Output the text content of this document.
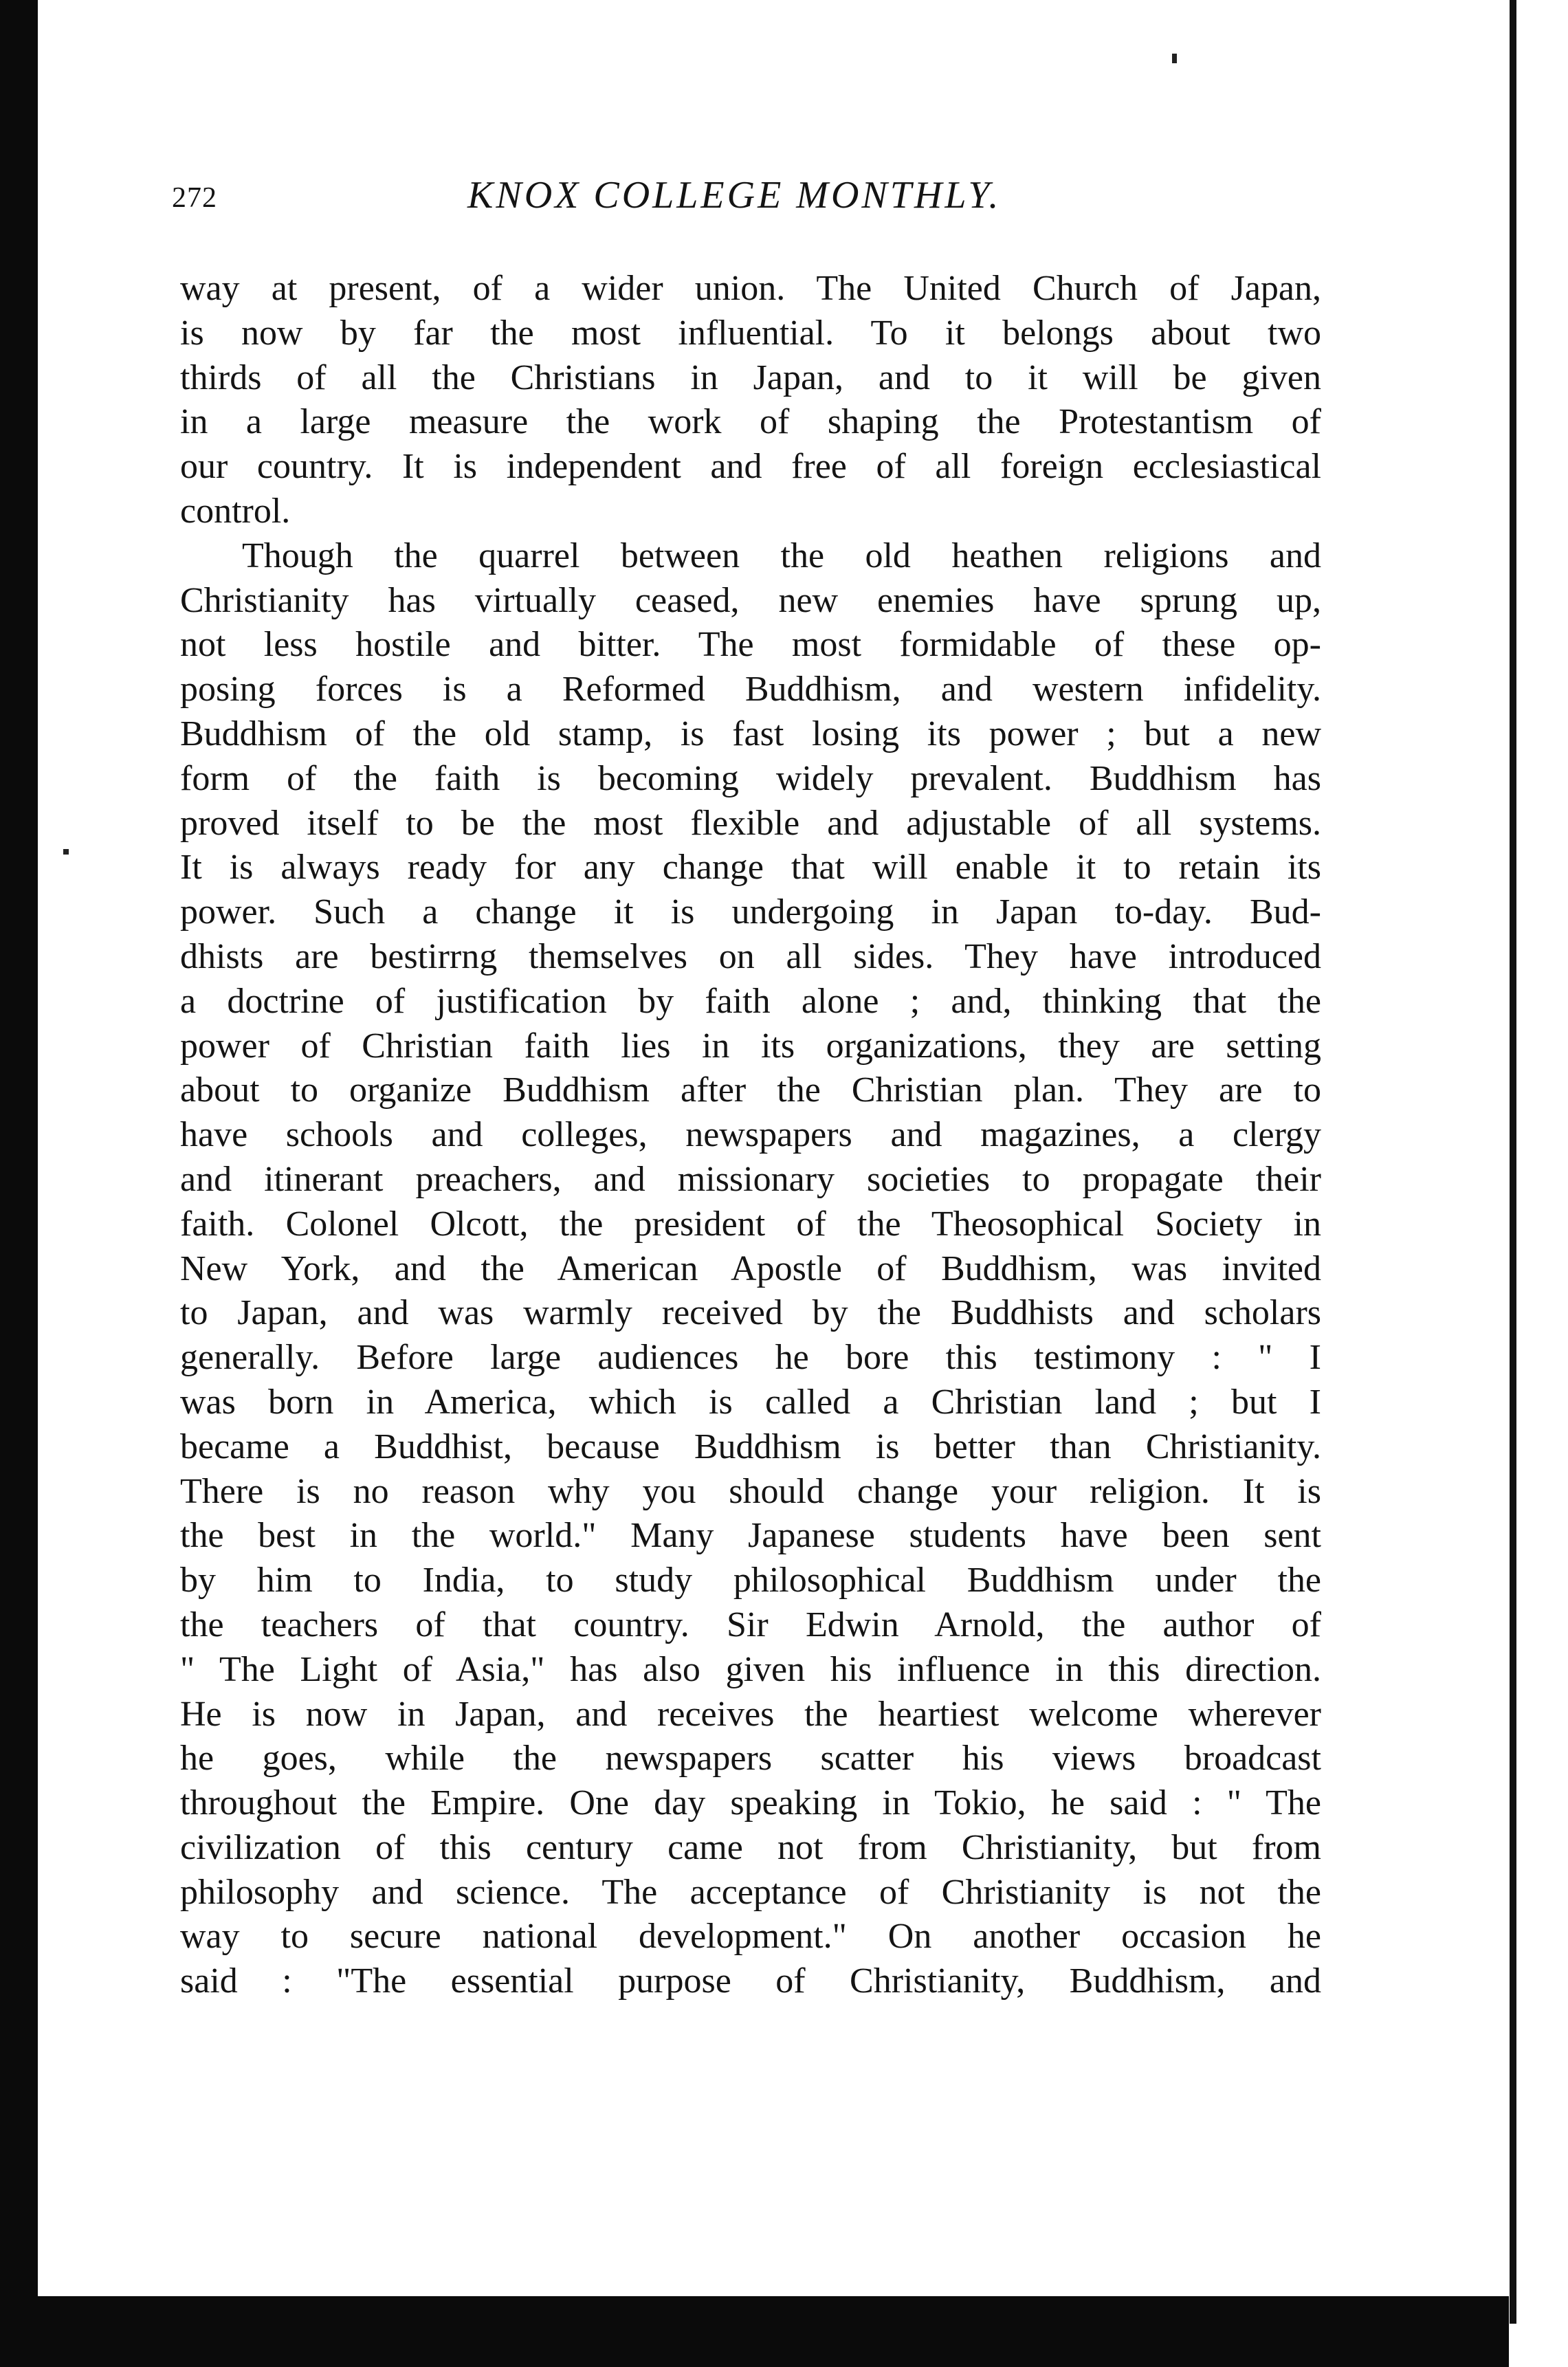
272	KNOX COLLEGE MONTHLY.
way at present, of a wider union. The United Church of Japan,
is now by far the most influential. To it belongs about two
thirds of all the Christians in Japan, and to it will be given
in a large measure the work of shaping the Protestantism of
our country. It is independent and free of all foreign ecclesiastical
control.
Though the quarrel between the old heathen religions and
Christianity has virtually ceased, new enemies have sprung up,
not less hostile and bitter. The most formidable of these op-
posing forces is a Reformed Buddhism, and western infidelity.
Buddhism of the old stamp, is fast losing its power ; but a new
form of the faith is becoming widely prevalent. Buddhism has
proved itself to be the most flexible and adjustable of all systems.
It is always ready for any change that will enable it to retain its
power. Such a change it is undergoing in Japan to-day. Bud-
dhists are bestirrng themselves on all sides. They have introduced
a doctrine of justification by faith alone ; and, thinking that the
power of Christian faith lies in its organizations, they are setting
about to organize Buddhism after the Christian plan. They are to
have schools and colleges, newspapers and magazines, a clergy
and itinerant preachers, and missionary societies to propagate their
faith. Colonel Olcott, the president of the Theosophical Society in
New York, and the American Apostle of Buddhism, was invited
to Japan, and was warmly received by the Buddhists and scholars
generally. Before large audiences he bore this testimony : " I
was born in America, which is called a Christian land ; but I
became a Buddhist, because Buddhism is better than Christianity.
There is no reason why you should change your religion. It is
the best in the world." Many Japanese students have been sent
by him to India, to study philosophical Buddhism under the
the teachers of that country. Sir Edwin Arnold, the author of
" The Light of Asia," has also given his influence in this direction.
He is now in Japan, and receives the heartiest welcome wherever
he goes, while the newspapers scatter his views broadcast
throughout the Empire. One day speaking in Tokio, he said : " The
civilization of this century came not from Christianity, but from
philosophy and science. The acceptance of Christianity is not the
way to secure national development." On another occasion he
said : "The essential purpose of Christianity, Buddhism, and
